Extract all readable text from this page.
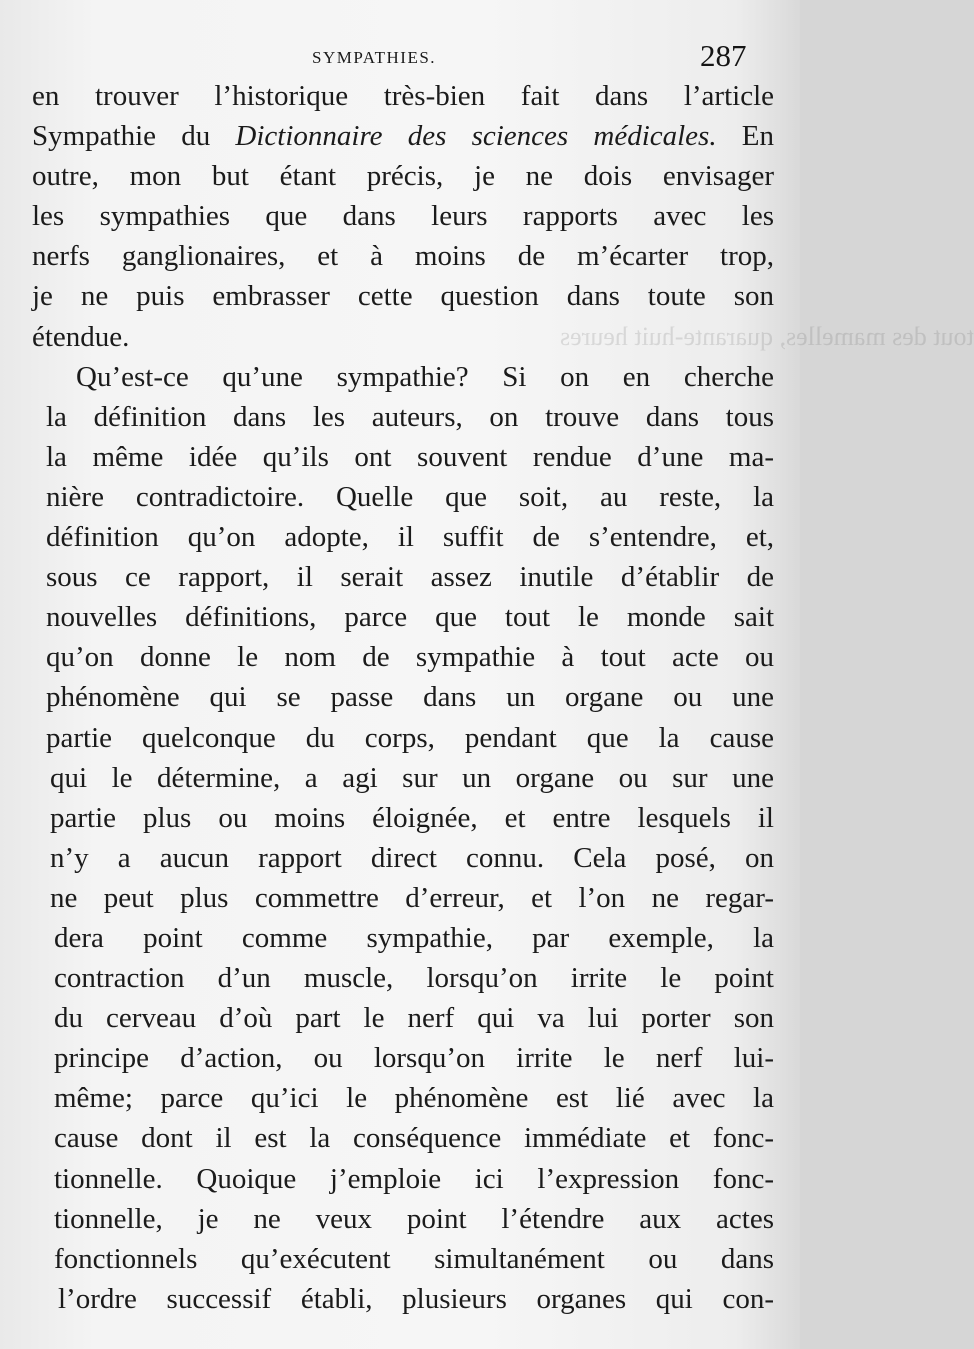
SYMPATHIES.	287
tout des mamelles, quarante-huit heures
en trouver l’historique très-bien fait dans l’article
Sympathie du Dictionnaire des sciences médicales. En
outre, mon but étant précis, je ne dois envisager
les sympathies que dans leurs rapports avec les
nerfs ganglionaires, et à moins de m’écarter trop,
je ne puis embrasser cette question dans toute son
étendue.
Qu’est-ce qu’une sympathie? Si on en cherche
la définition dans les auteurs, on trouve dans tous
la même idée qu’ils ont souvent rendue d’une ma-
nière contradictoire. Quelle que soit, au reste, la
définition qu’on adopte, il suffit de s’entendre, et,
sous ce rapport, il serait assez inutile d’établir de
nouvelles définitions, parce que tout le monde sait
qu’on donne le nom de sympathie à tout acte ou
phénomène qui se passe dans un organe ou une
partie quelconque du corps, pendant que la cause
qui le détermine, a agi sur un organe ou sur une
partie plus ou moins éloignée, et entre lesquels il
n’y a aucun rapport direct connu. Cela posé, on
ne peut plus commettre d’erreur, et l’on ne regar-
dera point comme sympathie, par exemple, la
contraction d’un muscle, lorsqu’on irrite le point
du cerveau d’où part le nerf qui va lui porter son
principe d’action, ou lorsqu’on irrite le nerf lui-
même; parce qu’ici le phénomène est lié avec la
cause dont il est la conséquence immédiate et fonc-
tionnelle. Quoique j’emploie ici l’expression fonc-
tionnelle, je ne veux point l’étendre aux actes
fonctionnels qu’exécutent simultanément ou dans
l’ordre successif établi, plusieurs organes qui con-
